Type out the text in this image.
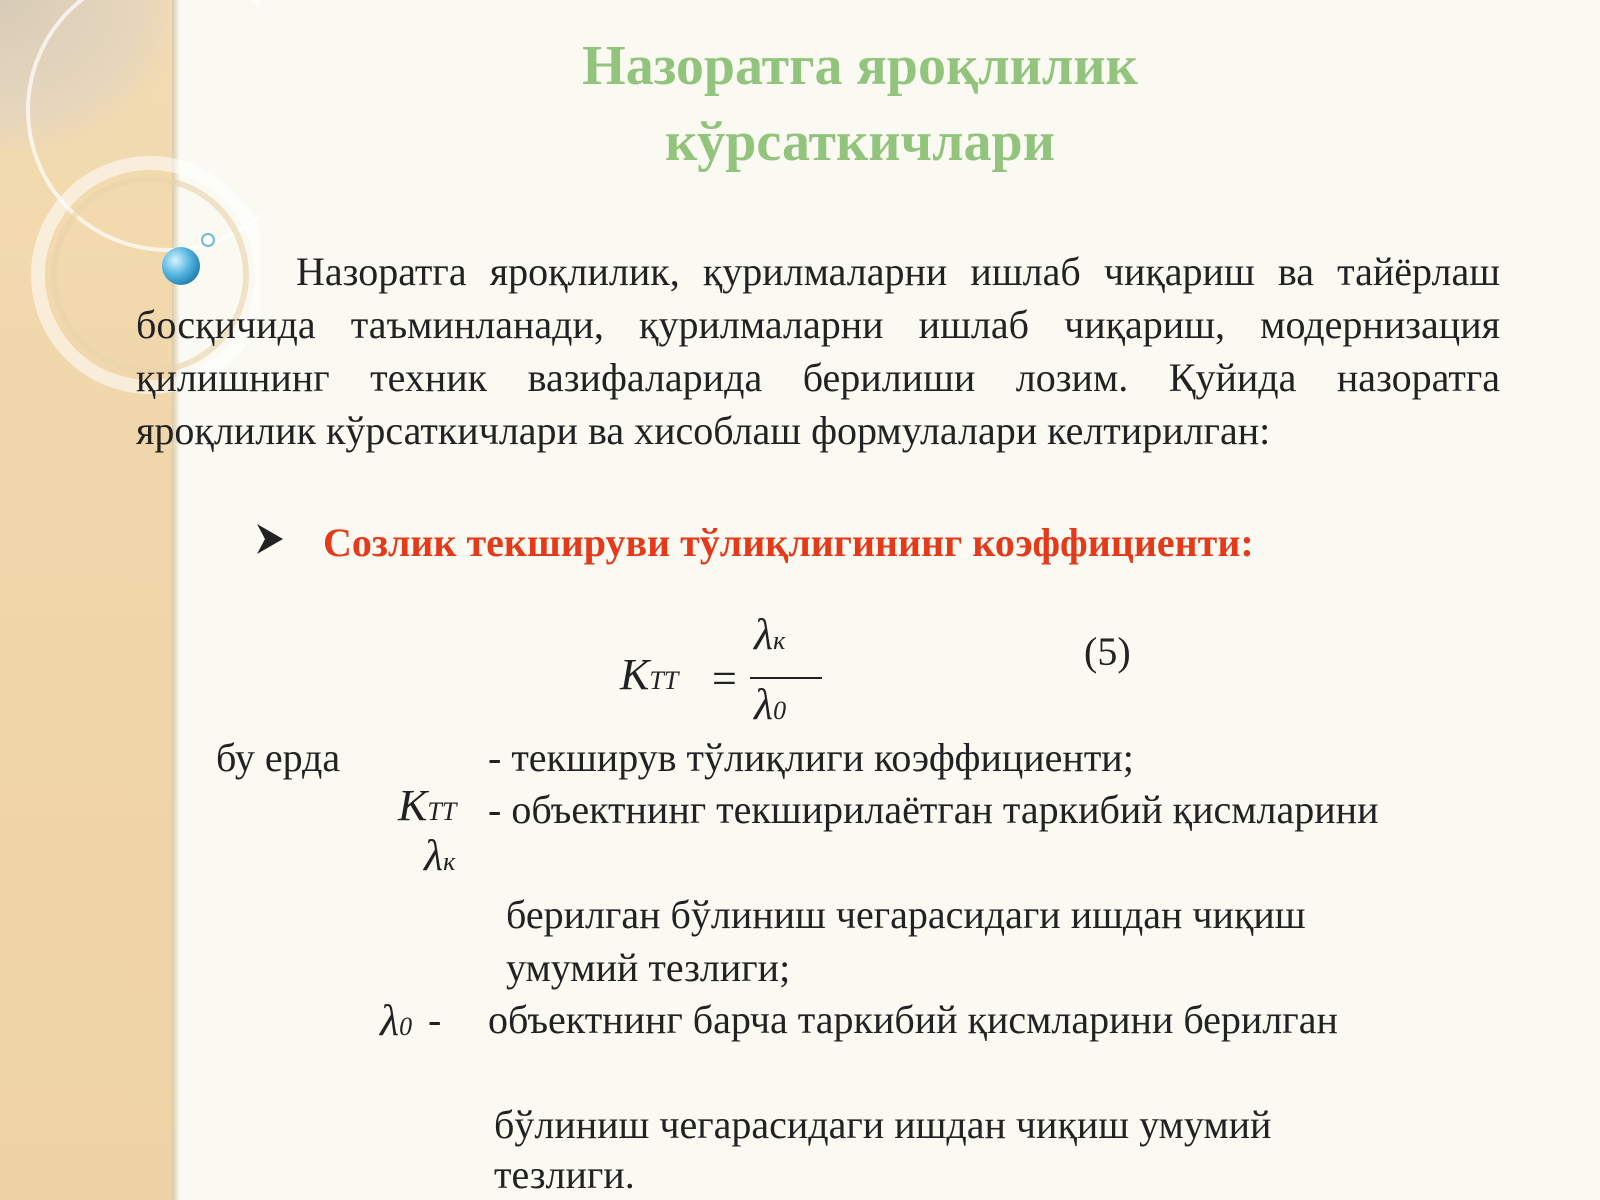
Назоратга яроқлилик
кўрсаткичлари
Назоратга яроқлилик, қурилмаларни ишлаб чиқариш ва тайёрлаш босқичида таъминланади, қурилмаларни ишлаб чиқариш, модернизация қилишнинг техник вазифаларида берилиши лозим. Қуйида назоратга яроқлилик кўрсаткичлари ва хисоблаш формулалари келтирилган:
Созлик текшируви тўлиқлигининг коэффициенти:
KTT =
λк
λ0
(5)
бу ерда	- текширув тўлиқлиги коэффициенти;
KTT - объектнинг текширилаётган таркибий қисмларини
λк
берилган бўлиниш чегарасидаги ишдан чиқиш
умумий тезлиги;
λ0 - объектнинг барча таркибий қисмларини берилган
бўлиниш чегарасидаги ишдан чиқиш умумий
тезлиги.
